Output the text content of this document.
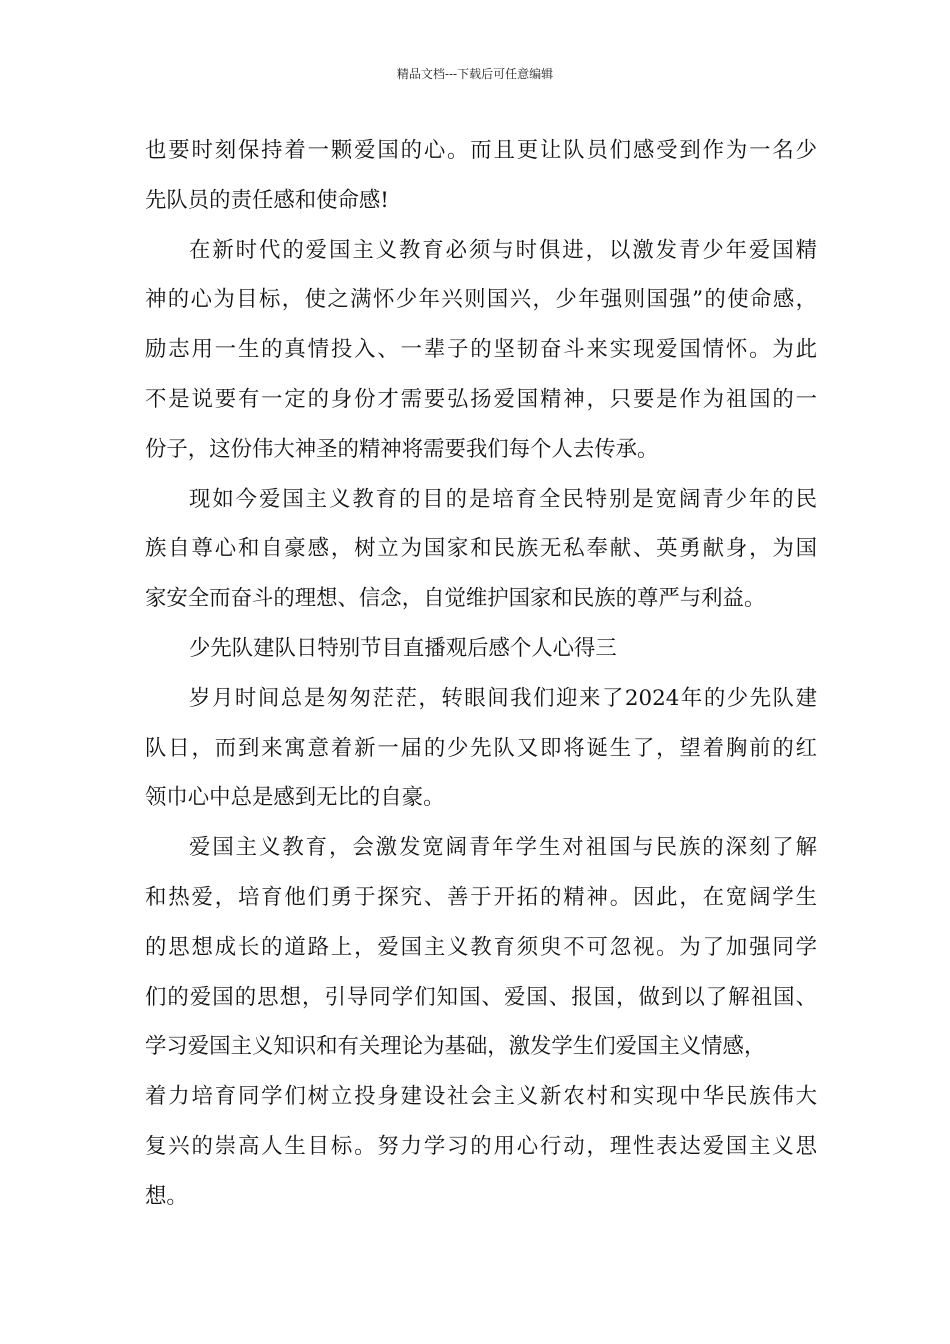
精品文档---下载后可任意编辑
也要时刻保持着一颗爱国的心。而且更让队员们感受到作为一名少
先队员的责任感和使命感!
在新时代的爱国主义教育必须与时俱进，以激发青少年爱国精
神的心为目标，使之满怀少年兴则国兴，少年强则国强”的使命感，
励志用一生的真情投入、一辈子的坚韧奋斗来实现爱国情怀。为此
不是说要有一定的身份才需要弘扬爱国精神，只要是作为祖国的一
份子，这份伟大神圣的精神将需要我们每个人去传承。
现如今爱国主义教育的目的是培育全民特别是宽阔青少年的民
族自尊心和自豪感，树立为国家和民族无私奉献、英勇献身，为国
家安全而奋斗的理想、信念，自觉维护国家和民族的尊严与利益。
少先队建队日特别节目直播观后感个人心得三
岁月时间总是匆匆茫茫，转眼间我们迎来了2024年的少先队建
队日，而到来寓意着新一届的少先队又即将诞生了，望着胸前的红
领巾心中总是感到无比的自豪。
爱国主义教育，会激发宽阔青年学生对祖国与民族的深刻了解
和热爱，培育他们勇于探究、善于开拓的精神。因此，在宽阔学生
的思想成长的道路上，爱国主义教育须臾不可忽视。为了加强同学
们的爱国的思想，引导同学们知国、爱国、报国，做到以了解祖国、
学习爱国主义知识和有关理论为基础，激发学生们爱国主义情感，
着力培育同学们树立投身建设社会主义新农村和实现中华民族伟大
复兴的崇高人生目标。努力学习的用心行动，理性表达爱国主义思
想。
